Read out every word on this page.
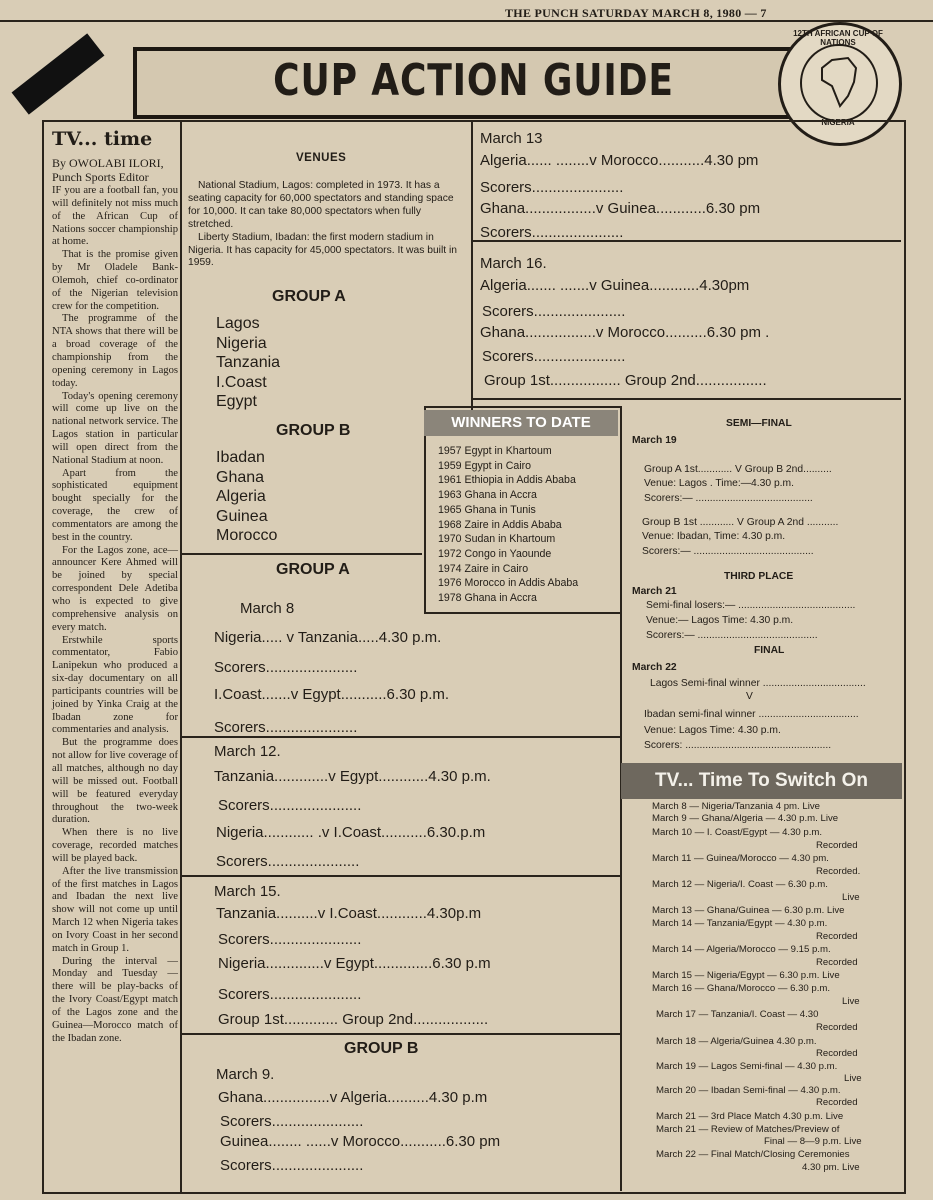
THE PUNCH SATURDAY MARCH 8, 1980 — 7
CUP ACTION GUIDE
12TH AFRICAN CUP OF NATIONS
NIGERIA
TV... time
By OWOLABI ILORI,
Punch Sports Editor

IF you are a football fan, you will definitely not miss much of the African Cup of Nations soccer championship at home.

That is the promise given by Mr Oladele Bank-Olemoh, chief co-ordinator of the Nigerian television crew for the competition.

The programme of the NTA shows that there will be a broad coverage of the championship from the opening ceremony in Lagos today.

Today's opening ceremony will come up live on the national network service. The Lagos station in particular will open direct from the National Stadium at noon.

Apart from the sophisticated equipment bought specially for the coverage, the crew of commentators are among the best in the country.

For the Lagos zone, ace— announcer Kere Ahmed will be joined by special correspondent Dele Adetiba who is expected to give comprehensive analysis on every match.

Erstwhile sports commentator, Fabio Lanipekun who produced a six-day documentary on all participants countries will be joined by Yinka Craig at the Ibadan zone for commentaries and analysis.

But the programme does not allow for live coverage of all matches, although no day will be missed out. Football will be featured everyday throughout the two-week duration.

When there is no live coverage, recorded matches will be played back.

After the live transmission of the first matches in Lagos and Ibadan the next live show will not come up until March 12 when Nigeria takes on Ivory Coast in her second match in Group 1.

During the interval — Monday and Tuesday — there will be play-backs of the Ivory Coast/Egypt match of the Lagos zone and the Guinea—Morocco match of the Ibadan zone.

VENUES

National Stadium, Lagos: completed in 1973. It has a seating capacity for 60,000 spectators and standing space for 10,000. It can take 80,000 spectators when fully stretched.

Liberty Stadium, Ibadan: the first modern stadium in Nigeria. It has capacity for 45,000 spectators. It was built in 1959.

GROUP A
Lagos
Nigeria
Tanzania
I.Coast
Egypt
GROUP B
Ibadan
Ghana
Algeria
Guinea
Morocco
GROUP A
March 8
Nigeria..... v Tanzania.....4.30 p.m.
Scorers......................
I.Coast.......v Egypt...........6.30 p.m.
Scorers......................
March 12.
Tanzania.............v Egypt............4.30 p.m.
Scorers......................
Nigeria............ .v I.Coast...........6.30.p.m
Scorers......................
March 15.
Tanzania..........v I.Coast............4.30p.m
Scorers......................
Nigeria..............v Egypt..............6.30 p.m
Scorers......................
Group 1st............. Group 2nd..................
GROUP B
March 9.
Ghana................v Algeria..........4.30 p.m
Scorers......................
Guinea........ ......v Morocco...........6.30 pm
Scorers......................
March 13
Algeria...... ........v Morocco...........4.30 pm
Scorers......................
Ghana.................v Guinea............6.30 pm
Scorers......................
March 16.
Algeria....... .......v Guinea............4.30pm
Scorers......................
Ghana.................v Morocco..........6.30 pm .
Scorers......................
Group 1st................. Group 2nd.................
WINNERS TO DATE
1957 Egypt in Khartoum
1959 Egypt in Cairo
1961 Ethiopia in Addis Ababa
1963 Ghana in Accra
1965 Ghana in Tunis
1968 Zaire in Addis Ababa
1970 Sudan in Khartoum
1972 Congo in Yaounde
1974 Zaire in Cairo
1976 Morocco in Addis Ababa
1978 Ghana in Accra
SEMI—FINAL
March 19
Group A 1st............ V Group B 2nd..........
Venue: Lagos . Time:—4.30 p.m.
Scorers:— .........................................
Group B 1st ............ V Group A 2nd ...........
Venue: Ibadan, Time: 4.30 p.m.
Scorers:— ..........................................
THIRD PLACE
March 21
Semi-final losers:— .........................................
Venue:— Lagos Time: 4.30 p.m.
Scorers:— ..........................................
FINAL
March 22
Lagos Semi-final winner ....................................
V
Ibadan semi-final winner ...................................
Venue: Lagos Time: 4.30 p.m.
Scorers: ...................................................
TV... Time To Switch On
March 8 — Nigeria/Tanzania 4 pm. Live
March 9 — Ghana/Algeria — 4.30 p.m. Live
March 10 — I. Coast/Egypt — 4.30 p.m.
Recorded
March 11 — Guinea/Morocco — 4.30 pm.
Recorded.
March 12 — Nigeria/I. Coast — 6.30 p.m.
Live
March 13 — Ghana/Guinea — 6.30 p.m. Live
March 14 — Tanzania/Egypt — 4.30 p.m.
Recorded
March 14 — Algeria/Morocco — 9.15 p.m.
Recorded
March 15 — Nigeria/Egypt — 6.30 p.m. Live
March 16 — Ghana/Morocco — 6.30 p.m.
Live
March 17 — Tanzania/I. Coast — 4.30
Recorded
March 18 — Algeria/Guinea 4.30 p.m.
Recorded
March 19 — Lagos Semi-final — 4.30 p.m.
Live
March 20 — Ibadan Semi-final — 4.30 p.m.
Recorded
March 21 — 3rd Place Match 4.30 p.m. Live
March 21 — Review of Matches/Preview of
Final — 8—9 p.m. Live
March 22 — Final Match/Closing Ceremonies
4.30 pm. Live
